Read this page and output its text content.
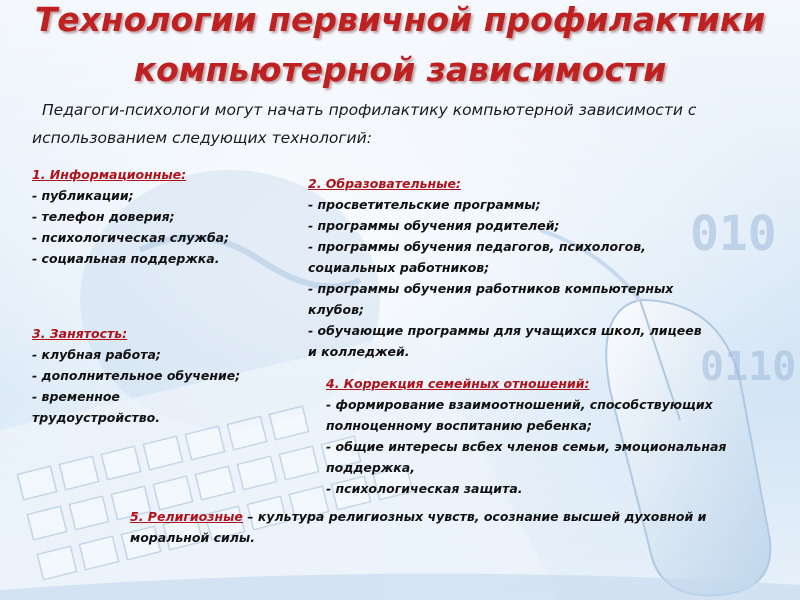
010
0110
Технологии первичной профилактики
компьютерной зависимости
Педагоги-психологи могут начать профилактику компьютерной зависимости с использованием следующих технологий:
1. Информационные:
- публикации;
- телефон доверия;
- психологическая служба;
- социальная поддержка.
2. Образовательные:
- просветительские программы;
- программы обучения родителей;
- программы обучения педагогов, психологов,
социальных работников;
- программы обучения работников компьютерных
клубов;
- обучающие программы для учащихся школ, лицеев
и колледжей.
3. Занятость:
- клубная работа;
- дополнительное обучение;
- временное
трудоустройство.
4. Коррекция семейных отношений:
- формирование взаимоотношений, способствующих
полноценному воспитанию ребенка;
- общие интересы всбех членов семьи, эмоциональная
поддержка,
- психологическая защита.
5. Религиозные – культура религиозных чувств, осознание высшей духовной и моральной силы.
